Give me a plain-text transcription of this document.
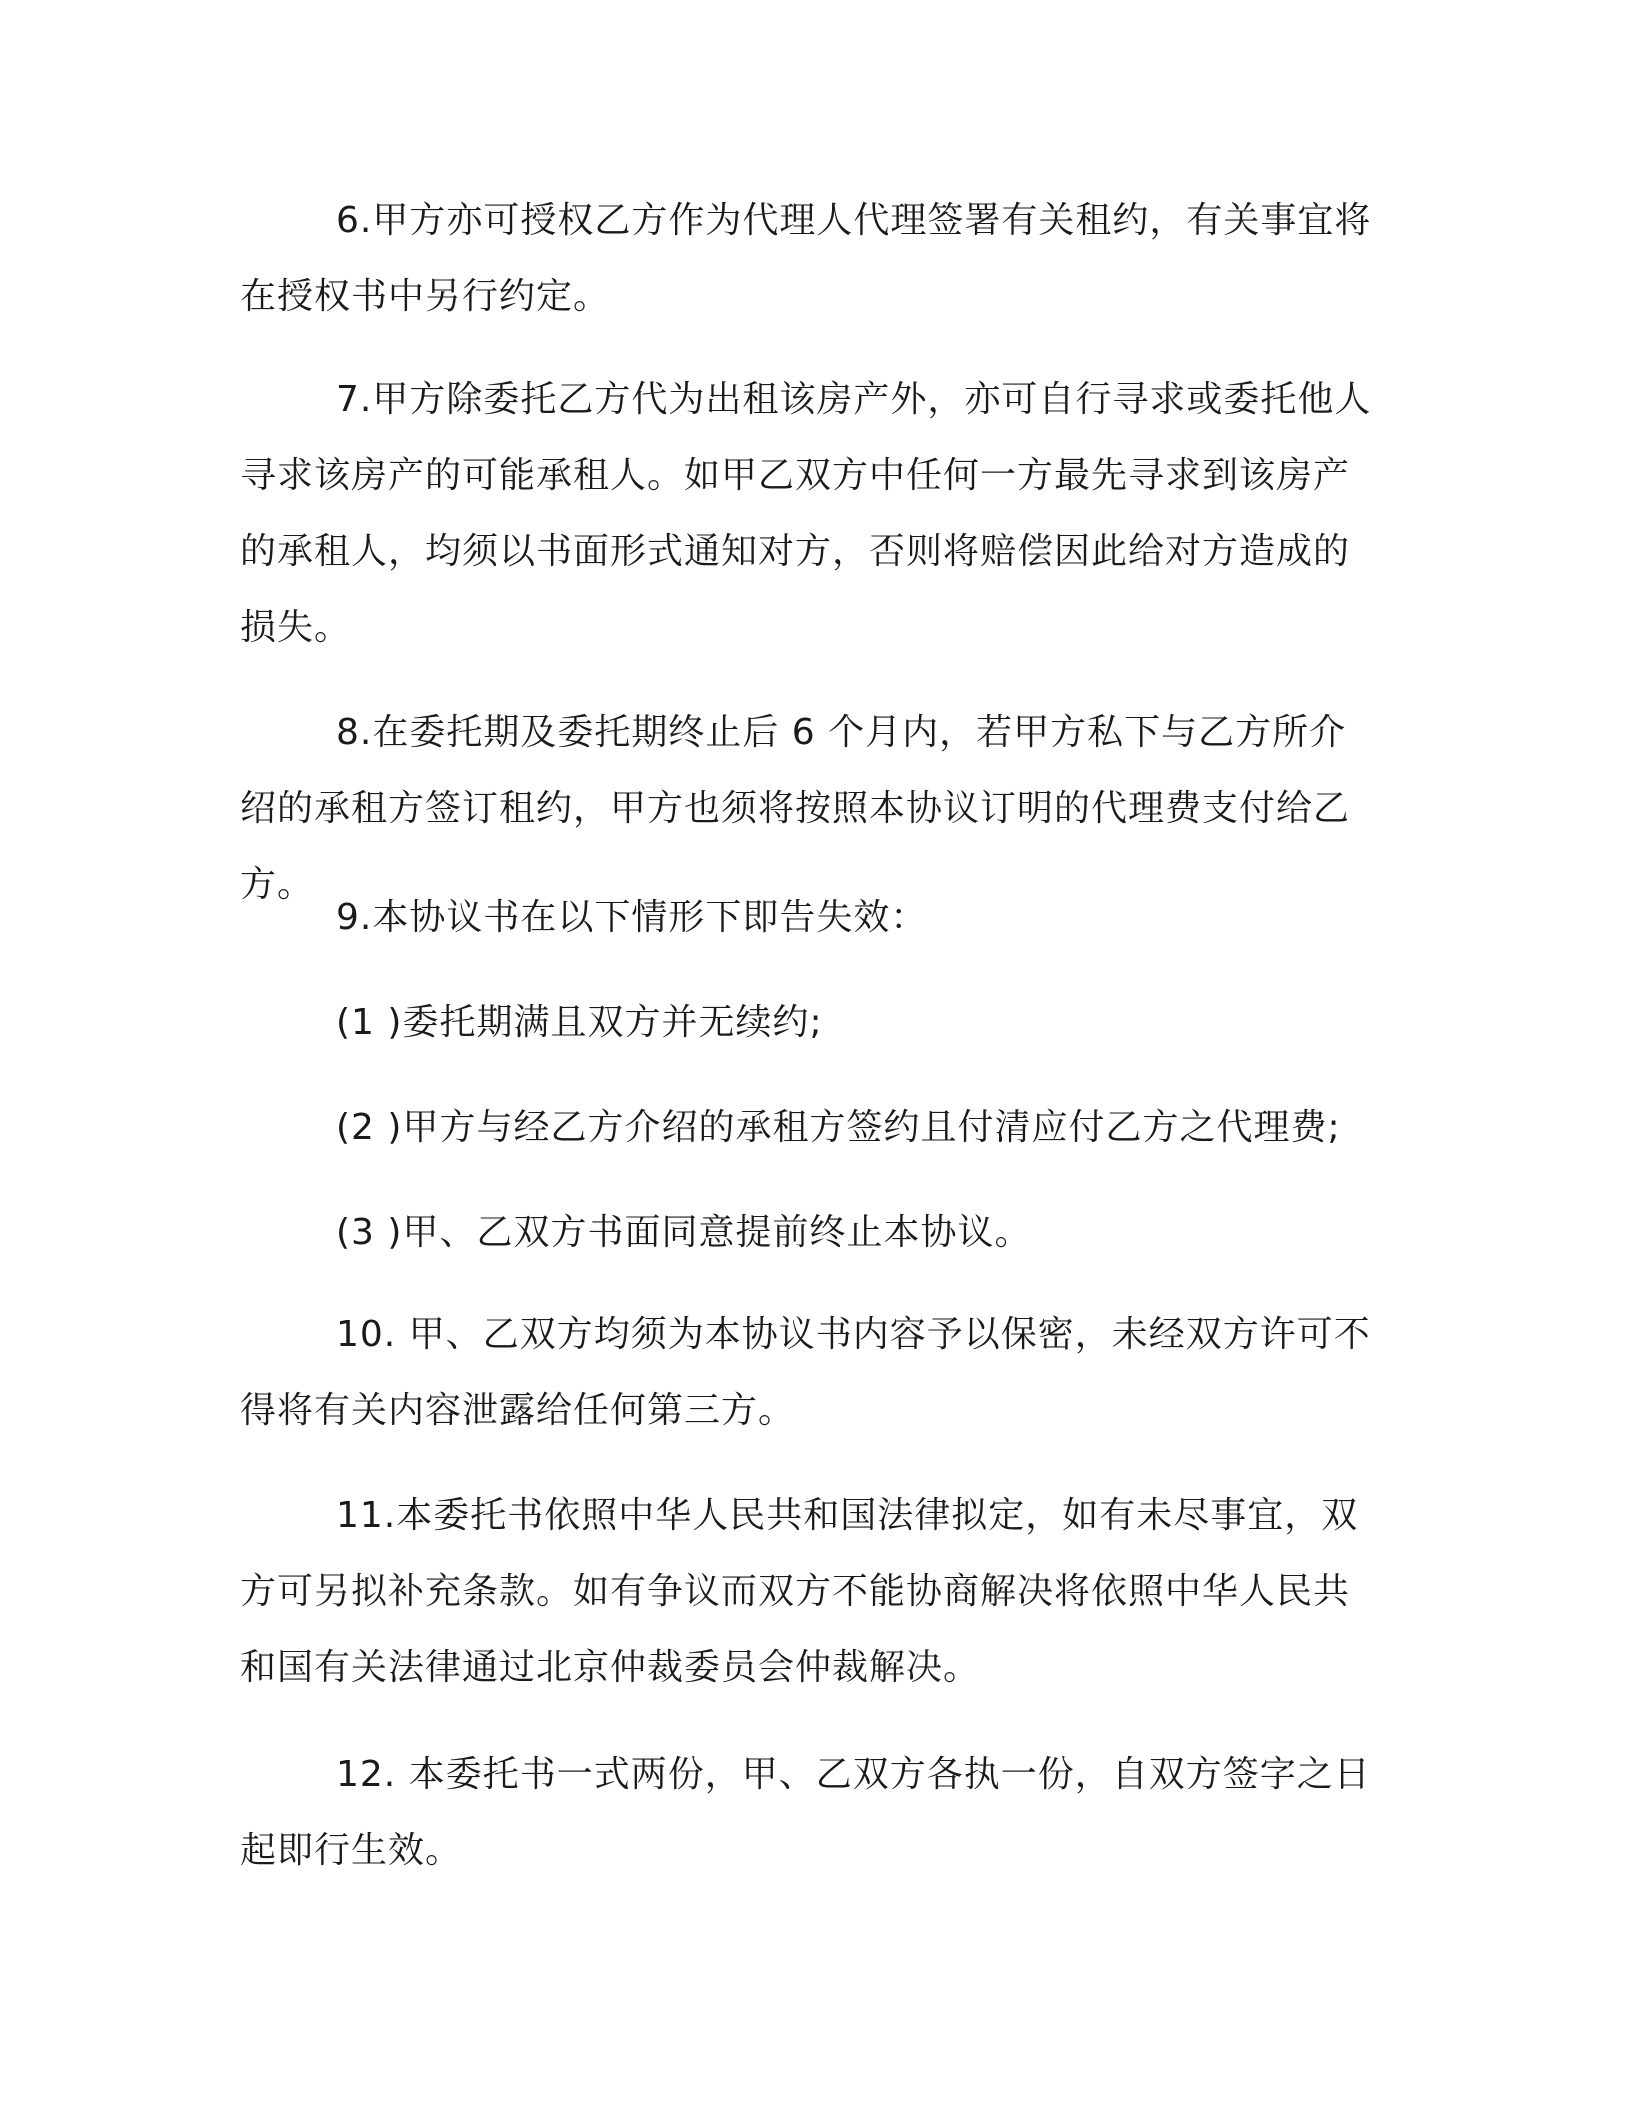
6.甲方亦可授权乙方作为代理人代理签署有关租约，有关事宜将在授权书中另行约定。

7.甲方除委托乙方代为出租该房产外，亦可自行寻求或委托他人寻求该房产的可能承租人。如甲乙双方中任何一方最先寻求到该房产的承租人，均须以书面形式通知对方，否则将赔偿因此给对方造成的损失。

8.在委托期及委托期终止后 6 个月内，若甲方私下与乙方所介绍的承租方签订租约，甲方也须将按照本协议订明的代理费支付给乙方。

9.本协议书在以下情形下即告失效：

(1 )委托期满且双方并无续约;

(2 )甲方与经乙方介绍的承租方签约且付清应付乙方之代理费;

(3 )甲、乙双方书面同意提前终止本协议。

10. 甲、乙双方均须为本协议书内容予以保密，未经双方许可不得将有关内容泄露给任何第三方。

11.本委托书依照中华人民共和国法律拟定，如有未尽事宜，双方可另拟补充条款。如有争议而双方不能协商解决将依照中华人民共和国有关法律通过北京仲裁委员会仲裁解决。

12. 本委托书一式两份，甲、乙双方各执一份，自双方签字之日起即行生效。
